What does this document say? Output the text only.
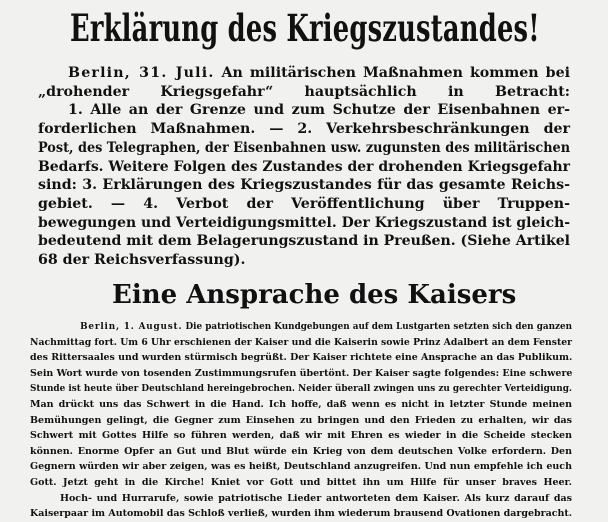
Erklärung des Kriegszustandes!
Berlin, 31. Juli. An militärischen Maßnahmen kommen bei
„drohender Kriegsgefahr“ hauptsächlich in Betracht:
1. Alle an der Grenze und zum Schutze der Eisenbahnen er-
forderlichen Maßnahmen. — 2. Verkehrsbeschränkungen der
Post, des Telegraphen, der Eisenbahnen usw. zugunsten des militärischen
Bedarfs. Weitere Folgen des Zustandes der drohenden Kriegsgefahr
sind: 3. Erklärungen des Kriegszustandes für das gesamte Reichs-
gebiet. — 4. Verbot der Veröffentlichung über Truppen-
bewegungen und Verteidigungsmittel. Der Kriegszustand ist gleich-
bedeutend mit dem Belagerungszustand in Preußen. (Siehe Artikel
68 der Reichsverfassung).
Eine Ansprache des Kaisers
Berlin, 1. August. Die patriotischen Kundgebungen auf dem Lustgarten setzten sich den ganzen
Nachmittag fort. Um 6 Uhr erschienen der Kaiser und die Kaiserin sowie Prinz Adalbert an dem Fenster
des Rittersaales und wurden stürmisch begrüßt. Der Kaiser richtete eine Ansprache an das Publikum.
Sein Wort wurde von tosenden Zustimmungsrufen übertönt. Der Kaiser sagte folgendes: Eine schwere
Stunde ist heute über Deutschland hereingebrochen. Neider überall zwingen uns zu gerechter Verteidigung.
Man drückt uns das Schwert in die Hand. Ich hoffe, daß wenn es nicht in letzter Stunde meinen
Bemühungen gelingt, die Gegner zum Einsehen zu bringen und den Frieden zu erhalten, wir das
Schwert mit Gottes Hilfe so führen werden, daß wir mit Ehren es wieder in die Scheide stecken
können. Enorme Opfer an Gut und Blut würde ein Krieg von dem deutschen Volke erfordern. Den
Gegnern würden wir aber zeigen, was es heißt, Deutschland anzugreifen. Und nun empfehle ich euch
Gott. Jetzt geht in die Kirche! Kniet vor Gott und bittet ihn um Hilfe für unser braves Heer.
Hoch- und Hurrarufe, sowie patriotische Lieder antworteten dem Kaiser. Als kurz darauf das
Kaiserpaar im Automobil das Schloß verließ, wurden ihm wiederum brausend Ovationen dargebracht.
